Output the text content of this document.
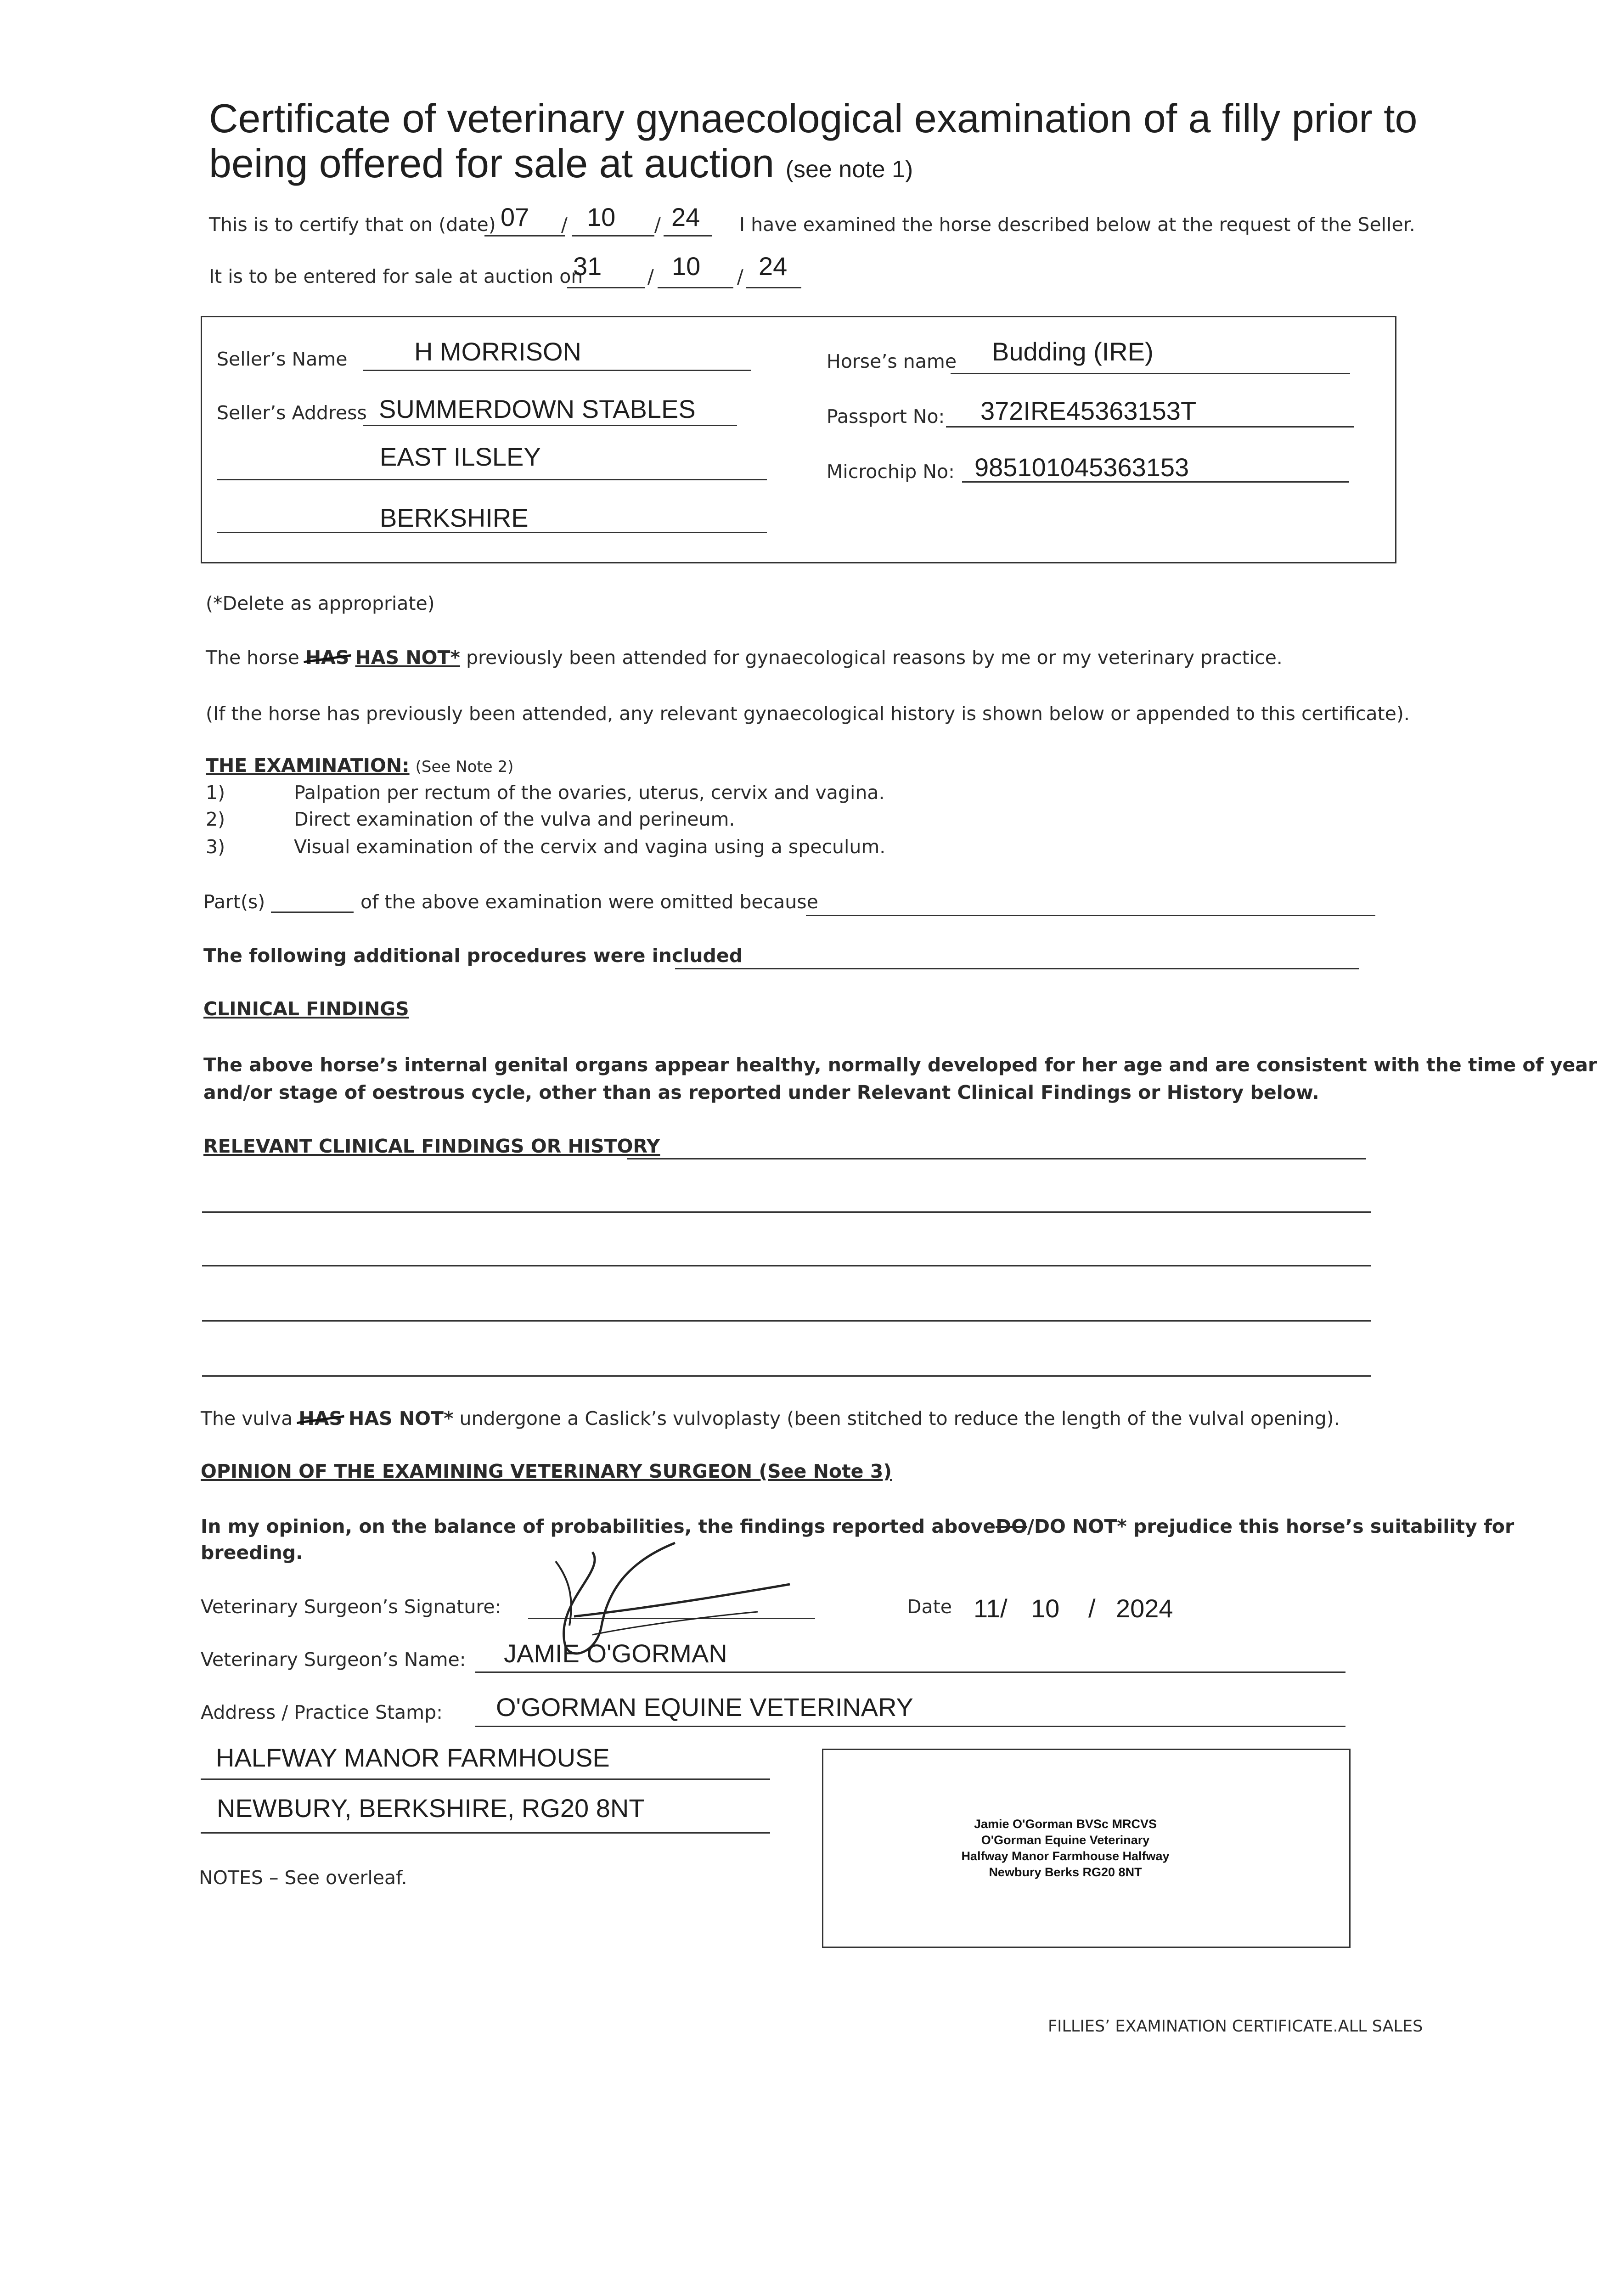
Certificate of veterinary gynaecological examination of a filly prior to
being offered for sale at auction (see note 1)
This is to certify that on (date) 07 / 10 / 24 I have examined the horse described below at the request of the Seller.
It is to be entered for sale at auction on
31 / 10 / 24
Seller’s Name	H MORRISON
Seller’s Address SUMMERDOWN STABLES
EAST ILSLEY
BERKSHIRE
Horse’s name Budding (IRE)
Passport No: 372IRE45363153T
Microchip No: 985101045363153
(*Delete as appropriate)
The horse HAS HAS NOT* previously been attended for gynaecological reasons by me or my veterinary practice.
(If the horse has previously been attended, any relevant gynaecological history is shown below or appended to this certificate).
THE EXAMINATION: (See Note 2)
1)	Palpation per rectum of the ovaries, uterus, cervix and vagina.
2)	Direct examination of the vulva and perineum.
3)	Visual examination of the cervix and vagina using a speculum.
Part(s)	of the above examination were omitted because
The following additional procedures were included
CLINICAL FINDINGS
The above horse’s internal genital organs appear healthy, normally developed for her age and are consistent with the time of year
and/or stage of oestrous cycle, other than as reported under Relevant Clinical Findings or History below.
RELEVANT CLINICAL FINDINGS OR HISTORY
The vulva HAS HAS NOT* undergone a Caslick’s vulvoplasty (been stitched to reduce the length of the vulval opening).
OPINION OF THE EXAMINING VETERINARY SURGEON (See Note 3)
In my opinion, on the balance of probabilities, the findings reported aboveDO/DO NOT* prejudice this horse’s suitability for
breeding.
Veterinary Surgeon’s Signature:	Date 11/ 10 / 2024
Veterinary Surgeon’s Name: JAMIE O'GORMAN
Address / Practice Stamp: O'GORMAN EQUINE VETERINARY
HALFWAY MANOR FARMHOUSE
NEWBURY, BERKSHIRE, RG20 8NT
Jamie O'Gorman BVSc MRCVS
O'Gorman Equine Veterinary
Halfway Manor Farmhouse Halfway
Newbury Berks RG20 8NT
NOTES – See overleaf.
FILLIES’ EXAMINATION CERTIFICATE.ALL SALES
